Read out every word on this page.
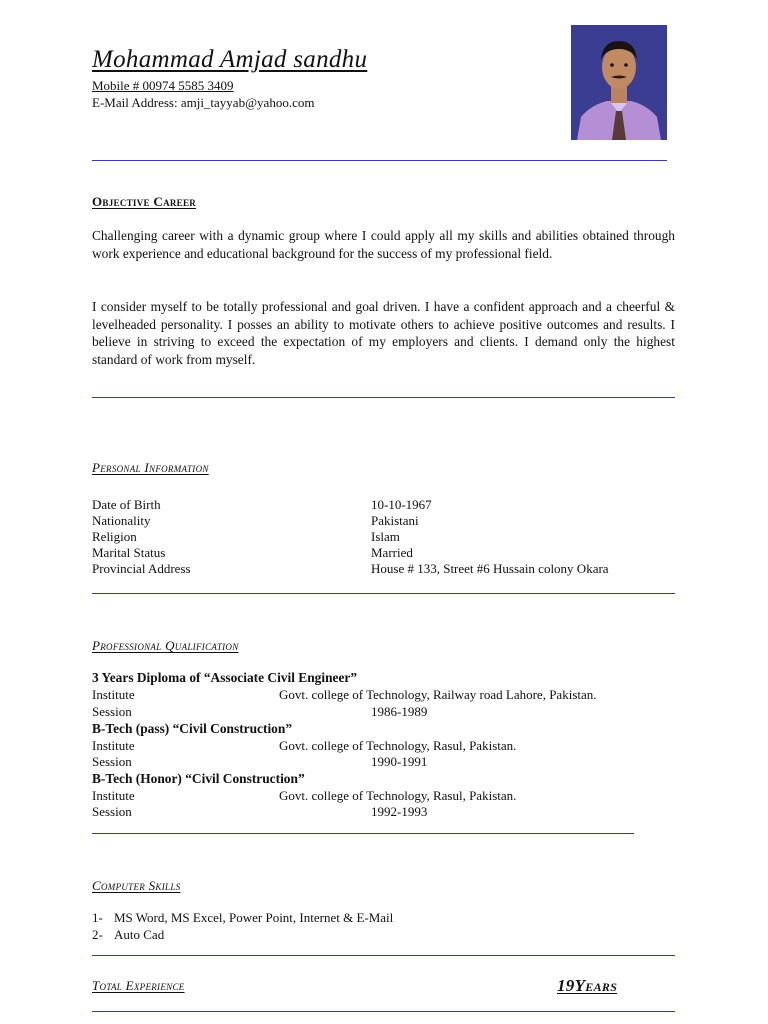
Mohammad Amjad sandhu
Mobile # 00974 5585 3409
E-Mail Address: amji_tayyab@yahoo.com
Objective Career

Challenging career with a dynamic group where I could apply all my skills and abilities obtained through work experience and educational background for the success of my professional field.

I consider myself to be totally professional and goal driven. I have a confident approach and a cheerful & levelheaded personality. I posses an ability to motivate others to achieve positive outcomes and results. I believe in striving to exceed the expectation of my employers and clients. I demand only the highest standard of work from myself.

Personal Information
Date of Birth	10-10-1967
Nationality	Pakistani
Religion	Islam
Marital Status	Married
Provincial Address	House # 133, Street #6 Hussain colony Okara
Professional Qualification
3 Years Diploma of “Associate Civil Engineer”
Institute	Govt. college of Technology, Railway road Lahore, Pakistan.
Session	1986-1989
B-Tech (pass) “Civil Construction”
Institute	Govt. college of Technology, Rasul, Pakistan.
Session	1990-1991
B-Tech (Honor) “Civil Construction”
Institute	Govt. college of Technology, Rasul, Pakistan.
Session	1992-1993
Computer Skills
1- MS Word, MS Excel, Power Point, Internet & E-Mail
2- Auto Cad
Total Experience	19Years
